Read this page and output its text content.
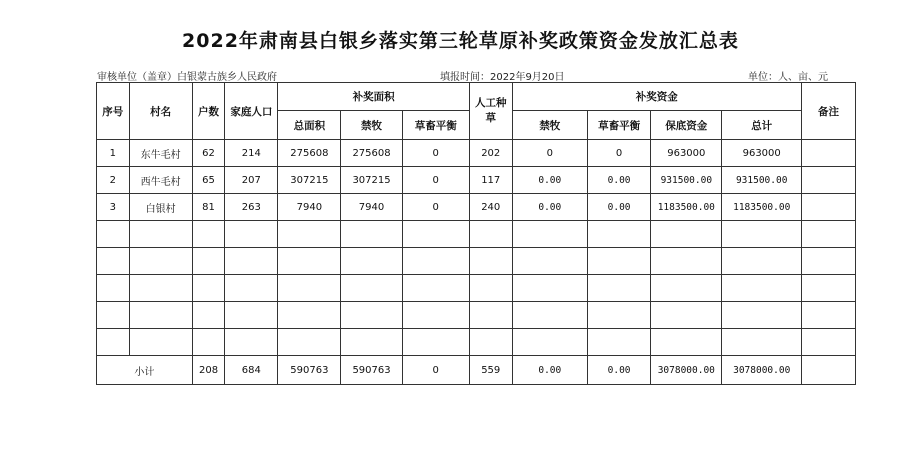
2022年肃南县白银乡落实第三轮草原补奖政策资金发放汇总表
审核单位（盖章）白银蒙古族乡人民政府	填报时间：2022年9月20日	单位：人、亩、元
序号	村名	户数	家庭人口	补奖面积			人工种草	补奖资金				备注
				总面积	禁牧	草畜平衡		禁牧	草畜平衡	保底资金	总计	
1	东牛毛村	62	214	275608	275608	0	202	0	0	963000	963000	
2	西牛毛村	65	207	307215	307215	0	117	0.00	0.00	931500.00	931500.00	
3	白银村	81	263	7940	7940	0	240	0.00	0.00	1183500.00	1183500.00	

小计		208	684	590763	590763	0	559	0.00	0.00	3078000.00	3078000.00	
